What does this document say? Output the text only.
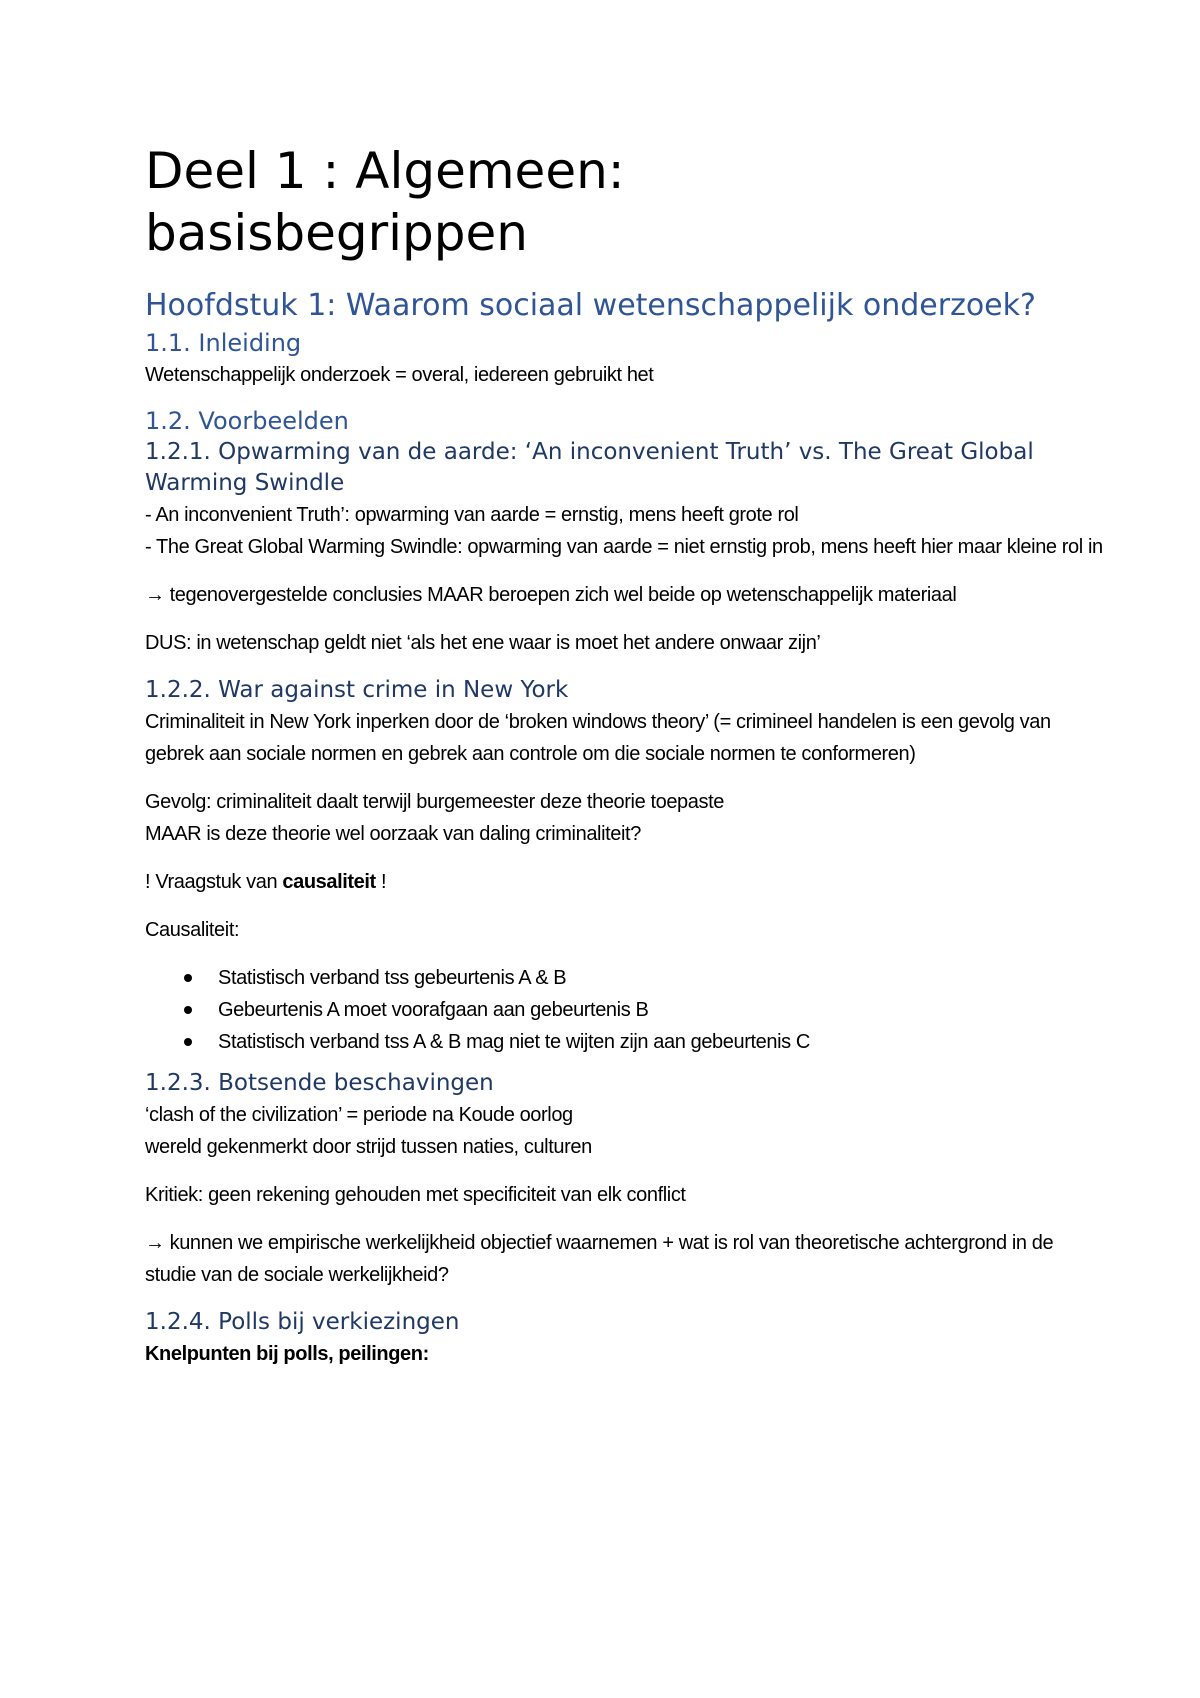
Deel 1 : Algemeen:
basisbegrippen
Hoofdstuk 1: Waarom sociaal wetenschappelijk onderzoek?
1.1. Inleiding
Wetenschappelijk onderzoek = overal, iedereen gebruikt het
1.2. Voorbeelden
1.2.1. Opwarming van de aarde: ‘An inconvenient Truth’ vs. The Great Global Warming Swindle
- An inconvenient Truth’: opwarming van aarde = ernstig, mens heeft grote rol
- The Great Global Warming Swindle: opwarming van aarde = niet ernstig prob, mens heeft hier maar kleine rol in
→ tegenovergestelde conclusies MAAR beroepen zich wel beide op wetenschappelijk materiaal
DUS: in wetenschap geldt niet ‘als het ene waar is moet het andere onwaar zijn’
1.2.2. War against crime in New York
Criminaliteit in New York inperken door de ‘broken windows theory’ (= crimineel handelen is een gevolg van gebrek aan sociale normen en gebrek aan controle om die sociale normen te conformeren)
Gevolg: criminaliteit daalt terwijl burgemeester deze theorie toepaste
MAAR is deze theorie wel oorzaak van daling criminaliteit?
! Vraagstuk van causaliteit !
Causaliteit:
Statistisch verband tss gebeurtenis A & B
Gebeurtenis A moet voorafgaan aan gebeurtenis B
Statistisch verband tss A & B mag niet te wijten zijn aan gebeurtenis C
1.2.3. Botsende beschavingen
‘clash of the civilization’ = periode na Koude oorlog
wereld gekenmerkt door strijd tussen naties, culturen
Kritiek: geen rekening gehouden met specificiteit van elk conflict
→ kunnen we empirische werkelijkheid objectief waarnemen + wat is rol van theoretische achtergrond in de studie van de sociale werkelijkheid?
1.2.4. Polls bij verkiezingen
Knelpunten bij polls, peilingen:
